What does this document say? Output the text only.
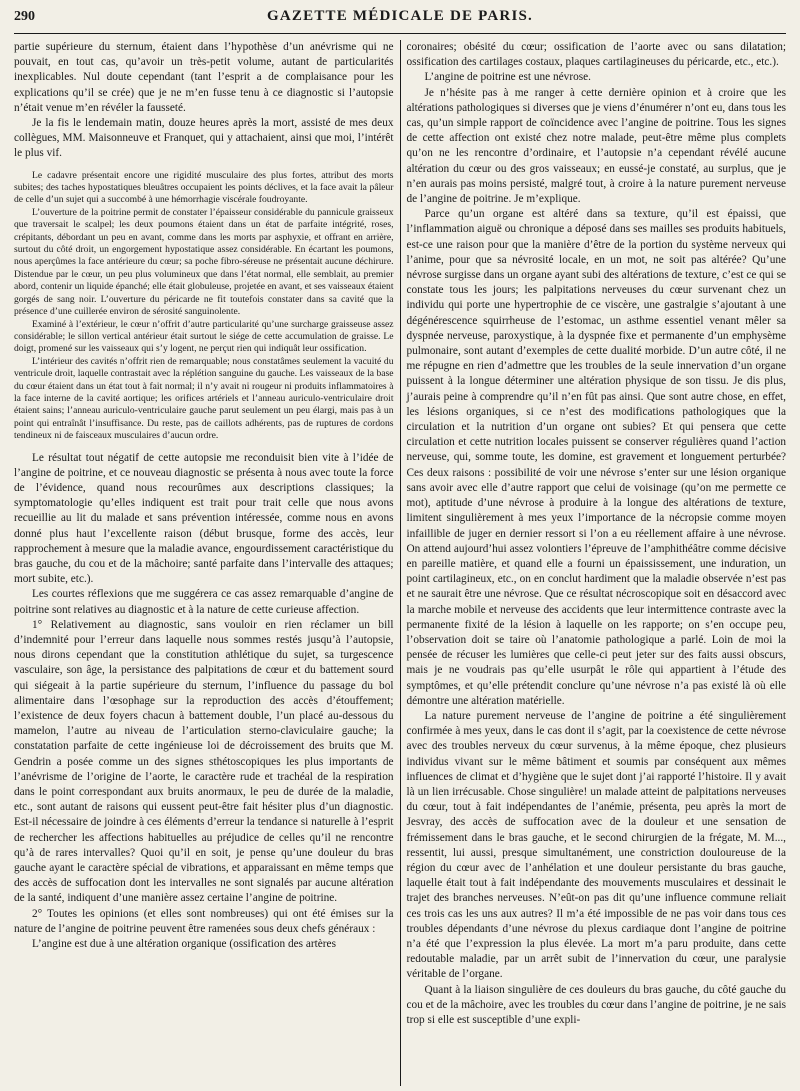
290	GAZETTE MÉDICALE DE PARIS.

partie supérieure du sternum, étaient dans l’hypothèse d’un anévrisme qui ne pouvait, en tout cas, qu’avoir un très-petit volume, autant de particularités inexplicables. Nul doute cependant (tant l’esprit a de complaisance pour les explications qu’il se crée) que je ne m’en fusse tenu à ce diagnostic si l’autopsie n’était venue m’en révéler la fausseté.

Je la fis le lendemain matin, douze heures après la mort, assisté de mes deux collègues, MM. Maisonneuve et Franquet, qui y attachaient, ainsi que moi, l’intérêt le plus vif.

Le cadavre présentait encore une rigidité musculaire des plus fortes, attribut des morts subites; des taches hypostatiques bleuâtres occupaient les points déclives, et la face avait la pâleur de celle d’un sujet qui a succombé à une hémorrhagie viscérale foudroyante.

L’ouverture de la poitrine permit de constater l’épaisseur considérable du pannicule graisseux que traversait le scalpel; les deux poumons étaient dans un état de parfaite intégrité, roses, crépitants, débordant un peu en avant, comme dans les morts par asphyxie, et offrant en arrière, surtout du côté droit, un engorgement hypostatique assez considérable. En écartant les poumons, nous aperçûmes la face antérieure du cœur; sa poche fibro-séreuse ne présentait aucune déchirure. Distendue par le cœur, un peu plus volumineux que dans l’état normal, elle semblait, au premier abord, contenir un liquide épanché; elle était globuleuse, projetée en avant, et ses vaisseaux étaient gorgés de sang noir. L’ouverture du péricarde ne fit toutefois constater dans sa cavité que la présence d’une cuillerée environ de sérosité sanguinolente.

Examiné à l’extérieur, le cœur n’offrit d’autre particularité qu’une surcharge graisseuse assez considérable; le sillon vertical antérieur était surtout le siége de cette accumulation de graisse. Le doigt, promené sur les vaisseaux qui s’y logent, ne perçut rien qui indiquât leur ossification.

L’intérieur des cavités n’offrit rien de remarquable; nous constatâmes seulement la vacuité du ventricule droit, laquelle contrastait avec la réplétion sanguine du gauche. Les vaisseaux de la base du cœur étaient dans un état tout à fait normal; il n’y avait ni rougeur ni produits inflammatoires à la face interne de la cavité aortique; les orifices artériels et l’anneau auriculo-ventriculaire droit étaient sains; l’anneau auriculo-ventriculaire gauche parut seulement un peu élargi, mais pas à un point qui entraînât l’insuffisance. Du reste, pas de caillots adhérents, pas de ruptures de cordons tendineux ni de faisceaux musculaires d’aucun ordre.

Le résultat tout négatif de cette autopsie me reconduisit bien vite à l’idée de l’angine de poitrine, et ce nouveau diagnostic se présenta à nous avec toute la force de l’évidence, quand nous recourûmes aux descriptions classiques; la symptomatologie qu’elles indiquent est trait pour trait celle que nous avons recueillie au lit du malade et sans prévention intéressée, comme nous en avons donné plus haut l’excellente raison (début brusque, forme des accès, leur rapprochement à mesure que la maladie avance, engourdissement caractéristique du bras gauche, du cou et de la mâchoire; santé parfaite dans l’intervalle des attaques; mort subite, etc.).

Les courtes réflexions que me suggérera ce cas assez remarquable d’angine de poitrine sont relatives au diagnostic et à la nature de cette curieuse affection.

1° Relativement au diagnostic, sans vouloir en rien réclamer un bill d’indemnité pour l’erreur dans laquelle nous sommes restés jusqu’à l’autopsie, nous dirons cependant que la constitution athlétique du sujet, sa turgescence vasculaire, son âge, la persistance des palpitations de cœur et du battement sourd qui siégeait à la partie supérieure du sternum, l’influence du passage du bol alimentaire dans l’œsophage sur la reproduction des accès d’étouffement; l’existence de deux foyers chacun à battement double, l’un placé au-dessous du mamelon, l’autre au niveau de l’articulation sterno-claviculaire gauche; la constatation parfaite de cette ingénieuse loi de décroissement des bruits que M. Gendrin a posée comme un des signes sthétoscopiques les plus importants de l’anévrisme de l’origine de l’aorte, le caractère rude et trachéal de la respiration dans le point correspondant aux bruits anormaux, le peu de durée de la maladie, etc., sont autant de raisons qui eussent peut-être fait hésiter plus d’un diagnostic. Est-il nécessaire de joindre à ces éléments d’erreur la tendance si naturelle à l’esprit de rechercher les affections habituelles au préjudice de celles qu’il ne rencontre qu’à de rares intervalles? Quoi qu’il en soit, je pense qu’une douleur du bras gauche ayant le caractère spécial de vibrations, et apparaissant en même temps que des accès de suffocation dont les intervalles ne sont signalés par aucune altération de la santé, indiquent d’une manière assez certaine l’angine de poitrine.

2° Toutes les opinions (et elles sont nombreuses) qui ont été émises sur la nature de l’angine de poitrine peuvent être ramenées sous deux chefs généraux :

L’angine est due à une altération organique (ossification des artères

coronaires; obésité du cœur; ossification de l’aorte avec ou sans dilatation; ossification des cartilages costaux, plaques cartilagineuses du péricarde, etc., etc.).

L’angine de poitrine est une névrose.

Je n’hésite pas à me ranger à cette dernière opinion et à croire que les altérations pathologiques si diverses que je viens d’énumérer n’ont eu, dans tous les cas, qu’un simple rapport de coïncidence avec l’angine de poitrine. Tous les signes de cette affection ont existé chez notre malade, peut-être même plus complets qu’on ne les rencontre d’ordinaire, et l’autopsie n’a cependant révélé aucune altération du cœur ou des gros vaisseaux; en eussé-je constaté, au surplus, que je n’en aurais pas moins persisté, malgré tout, à croire à la nature purement nerveuse de l’angine de poitrine. Je m’explique.

Parce qu’un organe est altéré dans sa texture, qu’il est épaissi, que l’inflammation aiguë ou chronique a déposé dans ses mailles ses produits habituels, est-ce une raison pour que la manière d’être de la portion du système nerveux qui l’anime, pour que sa névrosité locale, en un mot, ne soit pas altérée? Qu’une névrose surgisse dans un organe ayant subi des altérations de texture, c’est ce qui se constate tous les jours; les palpitations nerveuses du cœur survenant chez un individu qui porte une hypertrophie de ce viscère, une gastralgie s’ajoutant à une dégénérescence squirrheuse de l’estomac, un asthme essentiel venant mêler sa dyspnée nerveuse, paroxystique, à la dyspnée fixe et permanente d’un emphysème pulmonaire, sont autant d’exemples de cette dualité morbide. D’un autre côté, il ne me répugne en rien d’admettre que les troubles de la seule innervation d’un organe puissent à la longue déterminer une altération physique de son tissu. Je dis plus, j’aurais peine à comprendre qu’il n’en fût pas ainsi. Que sont autre chose, en effet, les lésions organiques, si ce n’est des modifications pathologiques que la circulation et la nutrition d’un organe ont subies? Et qui pensera que cette circulation et cette nutrition locales puissent se conserver régulières quand l’action nerveuse, qui, somme toute, les domine, est gravement et longuement perturbée? Ces deux raisons : possibilité de voir une névrose s’enter sur une lésion organique sans avoir avec elle d’autre rapport que celui de voisinage (qu’on me permette ce mot), aptitude d’une névrose à produire à la longue des altérations de texture, limitent singulièrement à mes yeux l’importance de la nécropsie comme moyen infaillible de juger en dernier ressort si l’on a eu réellement affaire à une névrose. On attend aujourd’hui assez volontiers l’épreuve de l’amphithéâtre comme décisive en pareille matière, et quand elle a fourni un épaississement, une induration, un point cartilagineux, etc., on en conclut hardiment que la maladie observée n’est pas et ne saurait être une névrose. Que ce résultat nécroscopique soit en désaccord avec la marche mobile et nerveuse des accidents que leur intermittence contraste avec la permanente fixité de la lésion à laquelle on les rapporte; on s’en occupe peu, l’observation doit se taire où l’anatomie pathologique a parlé. Loin de moi la pensée de récuser les lumières que celle-ci peut jeter sur des faits aussi obscurs, mais je ne voudrais pas qu’elle usurpât le rôle qui appartient à l’étude des symptômes, et qu’elle prétendit conclure qu’une névrose n’a pas existé là où elle démontre une altération matérielle.

La nature purement nerveuse de l’angine de poitrine a été singulièrement confirmée à mes yeux, dans le cas dont il s’agit, par la coexistence de cette névrose avec des troubles nerveux du cœur survenus, à la même époque, chez plusieurs individus vivant sur le même bâtiment et soumis par conséquent aux mêmes influences de climat et d’hygiène que le sujet dont j’ai rapporté l’histoire. Il y avait là un lien irrécusable. Chose singulière! un malade atteint de palpitations nerveuses du cœur, tout à fait indépendantes de l’anémie, présenta, peu après la mort de Jesvray, des accès de suffocation avec de la douleur et une sensation de frémissement dans le bras gauche, et le second chirurgien de la frégate, M. M..., ressentit, lui aussi, presque simultanément, une constriction douloureuse de la région du cœur avec de l’anhélation et une douleur persistante du bras gauche, laquelle était tout à fait indépendante des mouvements musculaires et dessinait le trajet des branches nerveuses. N’eût-on pas dit qu’une influence commune reliait ces trois cas les uns aux autres? Il m’a été impossible de ne pas voir dans tous ces troubles dépendants d’une névrose du plexus cardiaque dont l’angine de poitrine n’a été que l’expression la plus élevée. La mort m’a paru produite, dans cette redoutable maladie, par un arrêt subit de l’innervation du cœur, une paralysie véritable de l’organe.

Quant à la liaison singulière de ces douleurs du bras gauche, du côté gauche du cou et de la mâchoire, avec les troubles du cœur dans l’angine de poitrine, je ne sais trop si elle est susceptible d’une expli-
